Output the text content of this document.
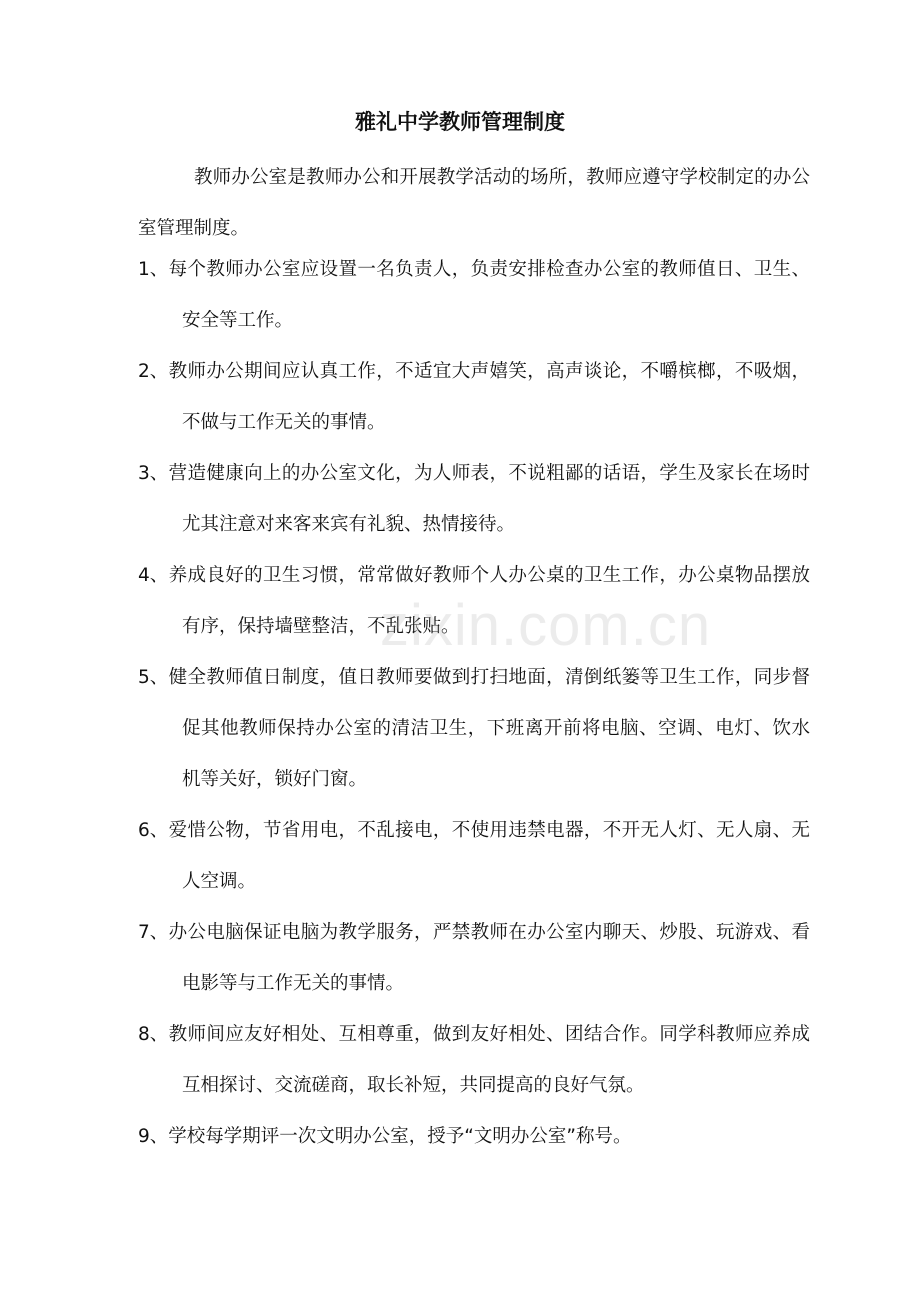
雅礼中学教师管理制度
教师办公室是教师办公和开展教学活动的场所，教师应遵守学校制定的办公室管理制度。
1、每个教师办公室应设置一名负责人，负责安排检查办公室的教师值日、卫生、安全等工作。
2、教师办公期间应认真工作，不适宜大声嬉笑，高声谈论，不嚼槟榔，不吸烟，不做与工作无关的事情。
3、营造健康向上的办公室文化，为人师表，不说粗鄙的话语，学生及家长在场时尤其注意对来客来宾有礼貌、热情接待。
4、养成良好的卫生习惯，常常做好教师个人办公桌的卫生工作，办公桌物品摆放有序，保持墙壁整洁，不乱张贴。
5、健全教师值日制度，值日教师要做到打扫地面，清倒纸篓等卫生工作，同步督促其他教师保持办公室的清洁卫生，下班离开前将电脑、空调、电灯、饮水机等关好，锁好门窗。
6、爱惜公物，节省用电，不乱接电，不使用违禁电器，不开无人灯、无人扇、无人空调。
7、办公电脑保证电脑为教学服务，严禁教师在办公室内聊天、炒股、玩游戏、看电影等与工作无关的事情。
8、教师间应友好相处、互相尊重，做到友好相处、团结合作。同学科教师应养成互相探讨、交流磋商，取长补短，共同提高的良好气氛。
9、学校每学期评一次文明办公室，授予“文明办公室”称号。
zixin.com.cn
